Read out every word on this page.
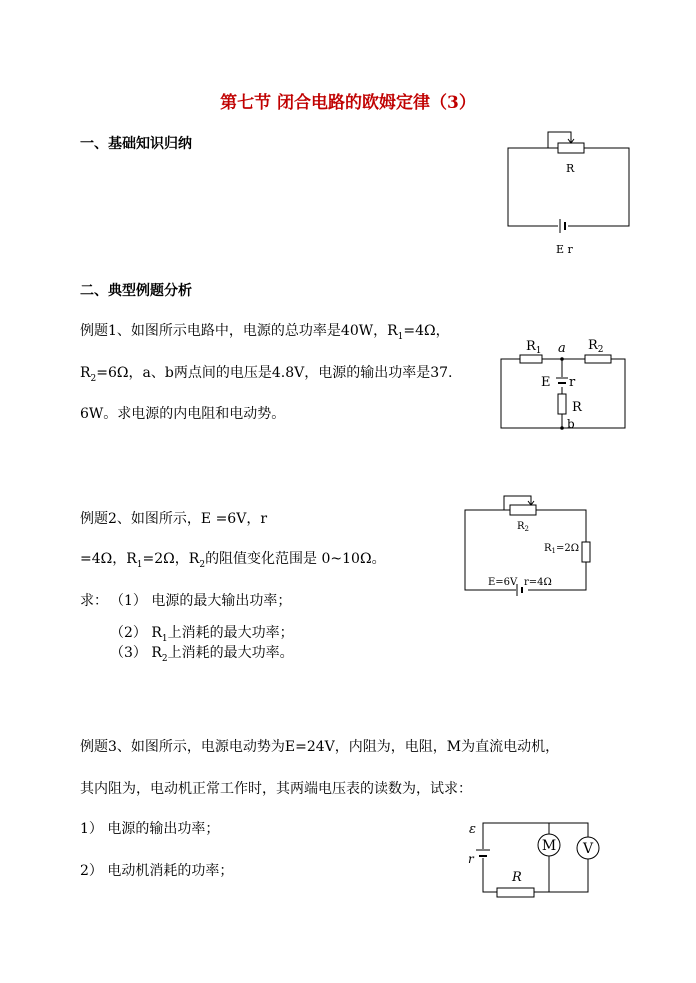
第七节 闭合电路的欧姆定律（3）
一、基础知识归纳
二、典型例题分析
例题1、如图所示电路中，电源的总功率是40W，$R_1=4\Omega$，
$R_2=6\Omega$，a、b两点间的电压是4.8V，电源的输出功率是37.
6W。求电源的内电阻和电动势。
例题2、如图所示，E =6V，r
=4Ω，$R_1=2\Omega$，$R_2$的阻值变化范围是 0~10Ω。
求： （1） 电源的最大输出功率；
（2） $R_1$上消耗的最大功率；
（3） $R_2$上消耗的最大功率。
例题3、如图所示，电源电动势为E=24V，内阻为，电阻，M为直流电动机，
其内阻为，电动机正常工作时，其两端电压表的读数为，试求：
1） 电源的输出功率；
2） 电动机消耗的功率；
R
E r
$R_1$ a $R_2$
E r
R
b
$R_2$
$R_1=2\Omega$
E=6V r=4Ω
ε
r
M V
R
